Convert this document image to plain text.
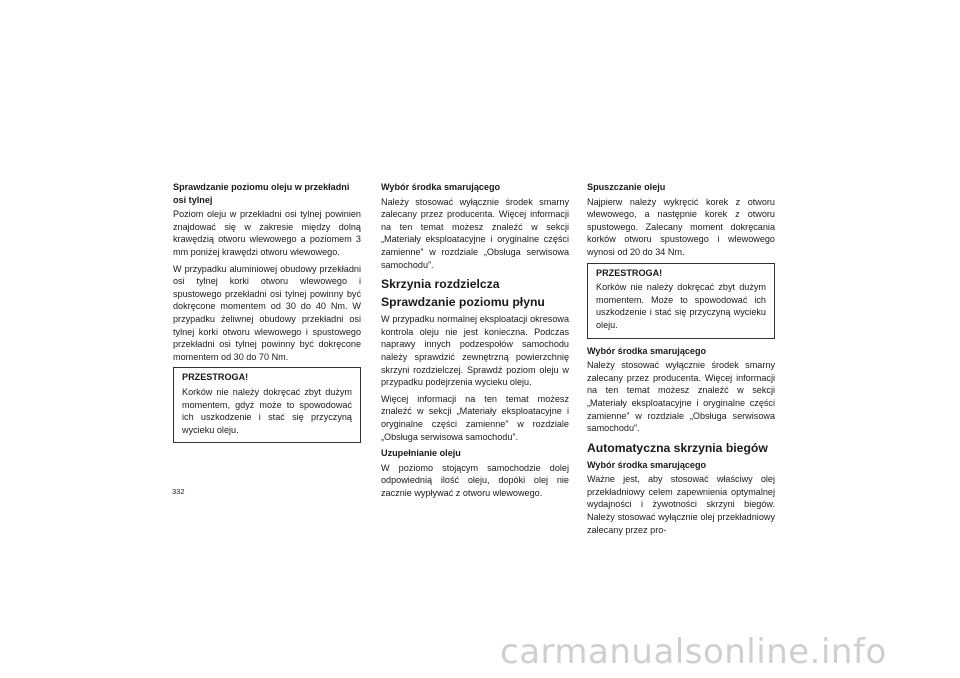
Sprawdzanie poziomu oleju w przekładni osi tylnej
Poziom oleju w przekładni osi tylnej powinien znajdować się w zakresie między dolną krawędzią otworu wlewowego a poziomem 3 mm poniżej krawędzi otworu wlewowego.
W przypadku aluminiowej obudowy przekładni osi tylnej korki otworu wlewowego i spustowego przekładni osi tylnej powinny być dokręcone momentem od 30 do 40 Nm. W przypadku żeliwnej obudowy przekładni osi tylnej korki otworu wlewowego i spustowego przekładni osi tylnej powinny być dokręcone momentem od 30 do 70 Nm.
PRZESTROGA!
Korków nie należy dokręcać zbyt dużym momentem, gdyż może to spowodować ich uszkodzenie i stać się przyczyną wycieku oleju.
Wybór środka smarującego
Należy stosować wyłącznie środek smarny zalecany przez producenta. Więcej informacji na ten temat możesz znaleźć w sekcji „Materiały eksploatacyjne i oryginalne części zamienne” w rozdziale „Obsługa serwisowa samochodu”.
Skrzynia rozdzielcza
Sprawdzanie poziomu płynu
W przypadku normalnej eksploatacji okresowa kontrola oleju nie jest konieczna. Podczas naprawy innych podzespołów samochodu należy sprawdzić zewnętrzną powierzchnię skrzyni rozdzielczej. Sprawdź poziom oleju w przypadku podejrzenia wycieku oleju.
Więcej informacji na ten temat możesz znaleźć w sekcji „Materiały eksploatacyjne i oryginalne części zamienne” w rozdziale „Obsługa serwisowa samochodu”.
Uzupełnianie oleju
W poziomo stojącym samochodzie dolej odpowiednią ilość oleju, dopóki olej nie zacznie wypływać z otworu wlewowego.
Spuszczanie oleju
Najpierw należy wykręcić korek z otworu wlewowego, a następnie korek z otworu spustowego. Zalecany moment dokręcania korków otworu spustowego i wlewowego wynosi od 20 do 34 Nm.
PRZESTROGA!
Korków nie należy dokręcać zbyt dużym momentem. Może to spowodować ich uszkodzenie i stać się przyczyną wycieku oleju.
Wybór środka smarującego
Należy stosować wyłącznie środek smarny zalecany przez producenta. Więcej informacji na ten temat możesz znaleźć w sekcji „Materiały eksploatacyjne i oryginalne części zamienne” w rozdziale „Obsługa serwisowa samochodu”.
Automatyczna skrzynia biegów
Wybór środka smarującego
Ważne jest, aby stosować właściwy olej przekładniowy celem zapewnienia optymalnej wydajności i żywotności skrzyni biegów. Należy stosować wyłącznie olej przekładniowy zalecany przez pro-
332
carmanualsonline.info
